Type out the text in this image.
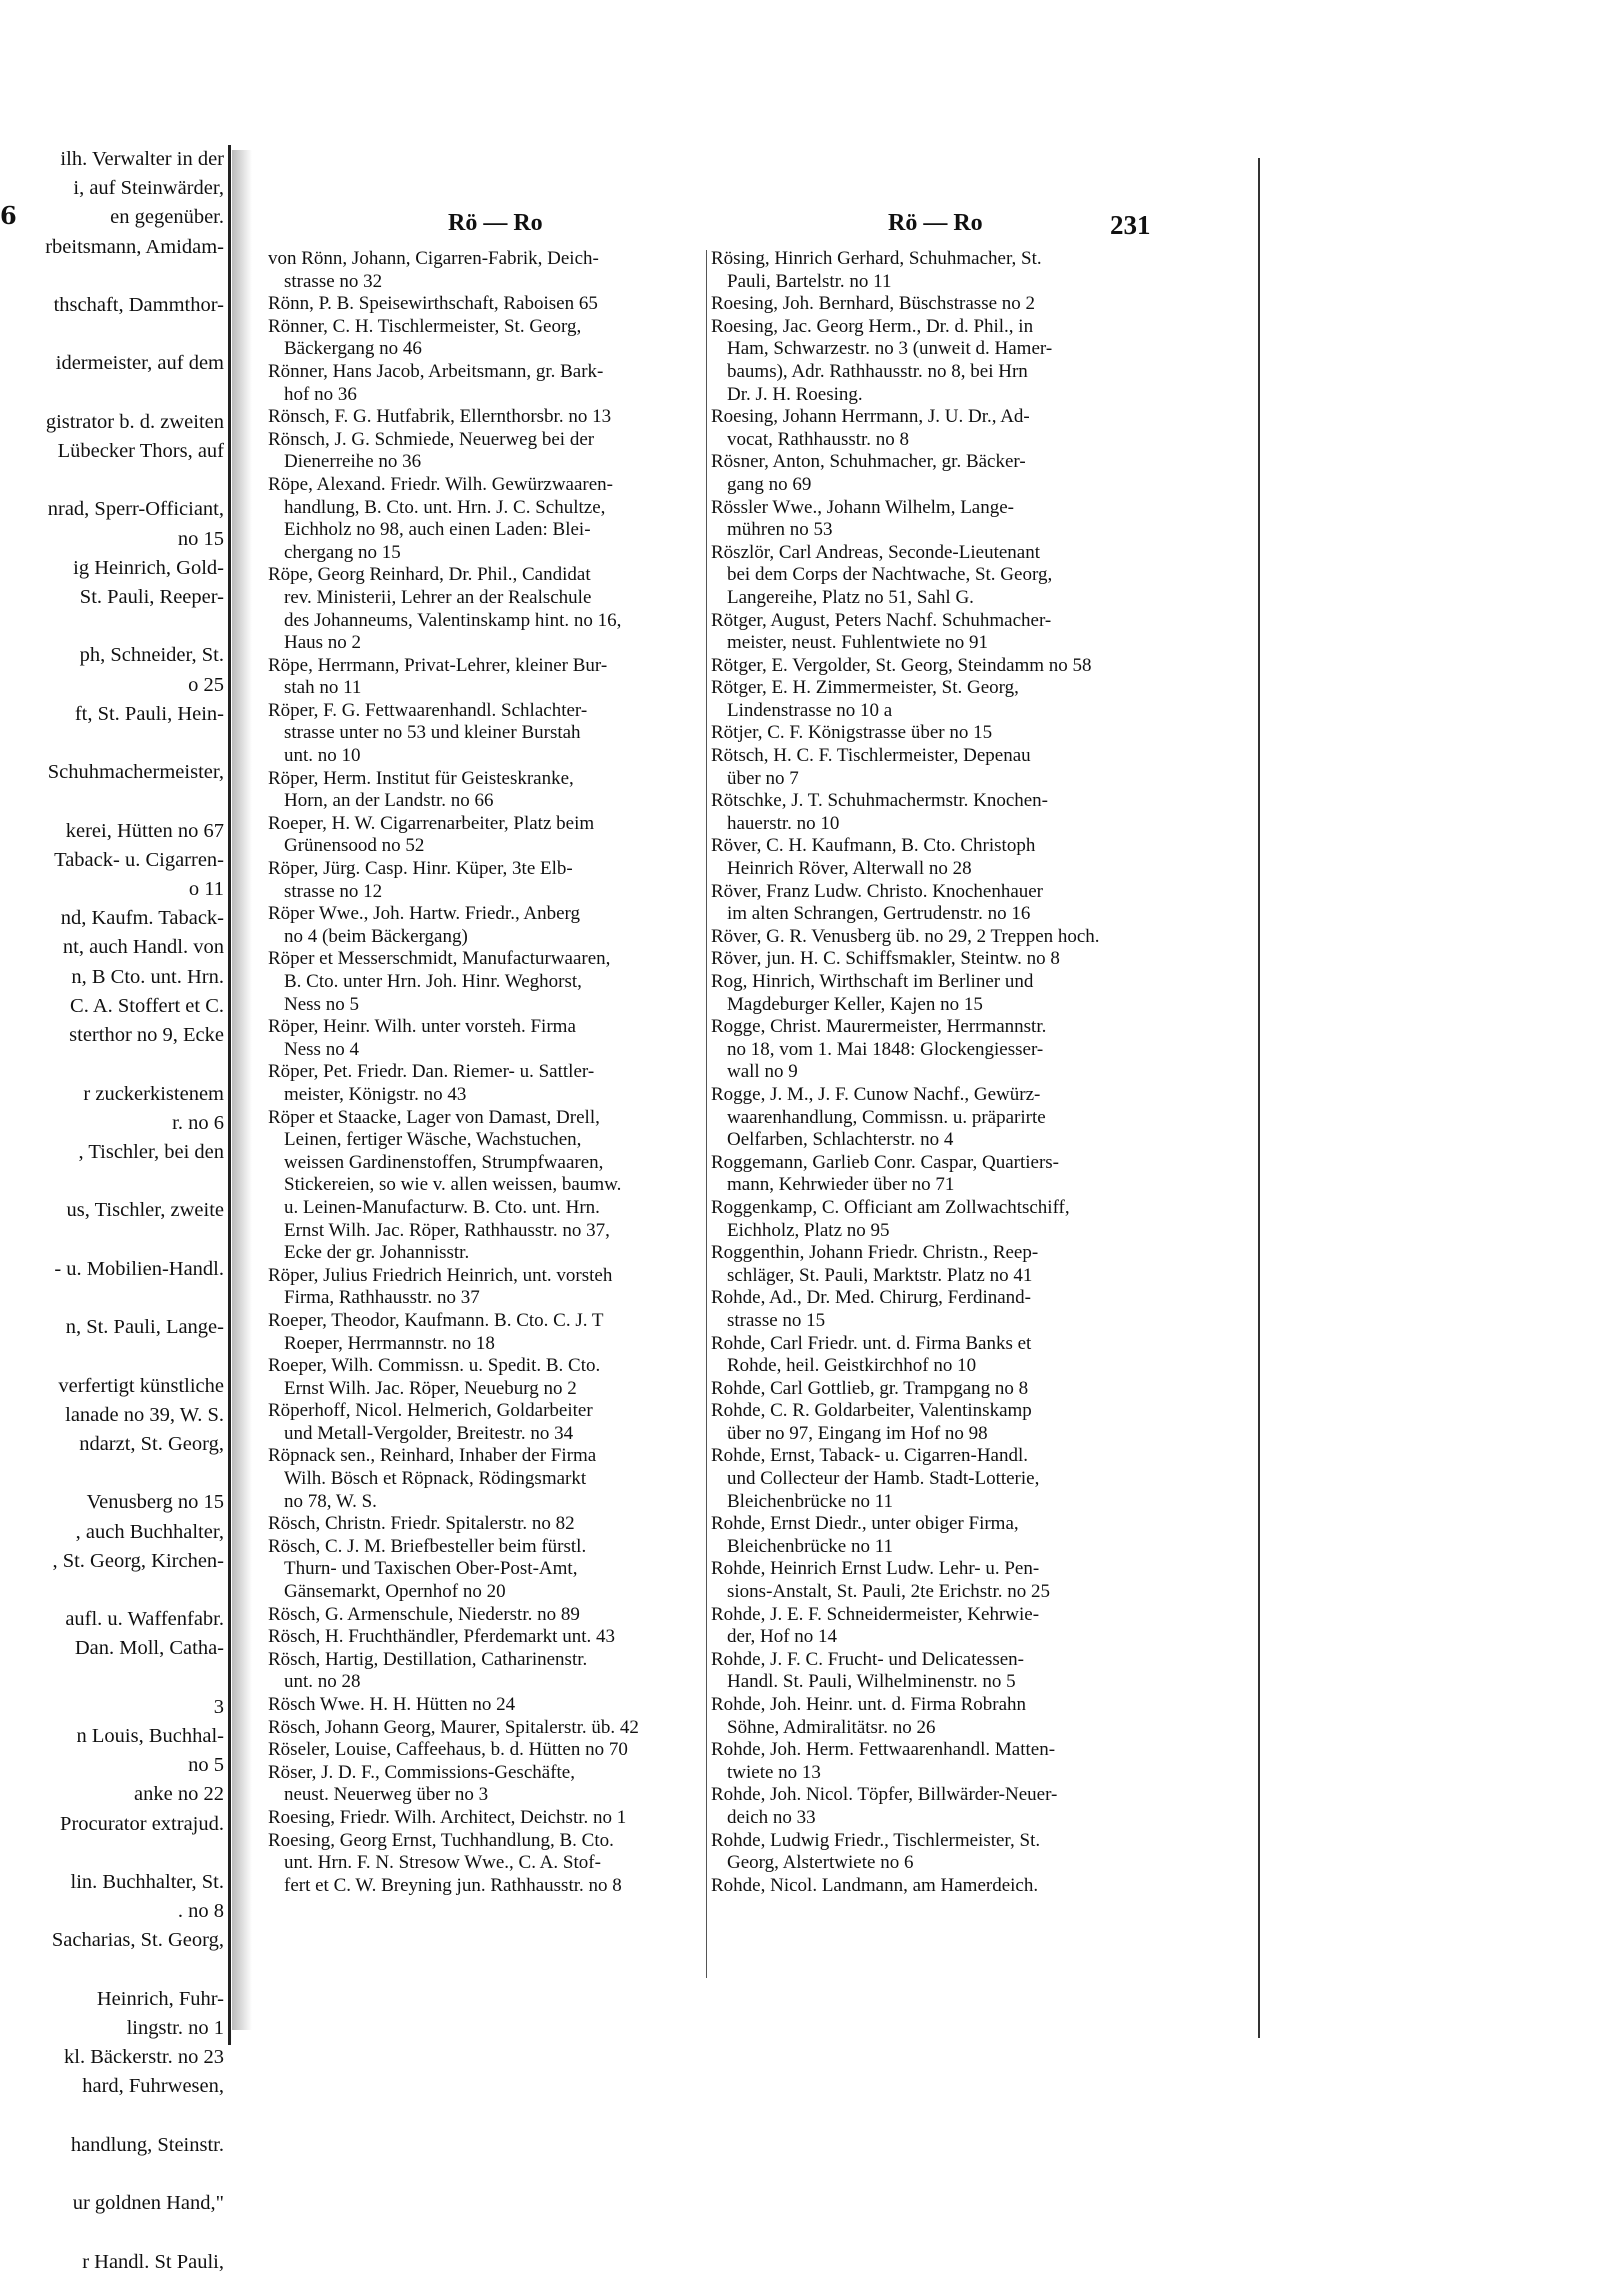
6
ilh. Verwalter in der
i, auf Steinwärder,
en gegenüber.
rbeitsmann, Amidam-

thschaft, Dammthor-

idermeister, auf dem

gistrator b. d. zweiten
Lübecker Thors, auf

nrad, Sperr-Officiant,
no 15
ig Heinrich, Gold-
St. Pauli, Reeper-

ph, Schneider, St.
o 25
ft, St. Pauli, Hein-

Schuhmachermeister,

kerei, Hütten no 67
Taback- u. Cigarren-
o 11
nd, Kaufm. Taback-
nt, auch Handl. von
n, B Cto. unt. Hrn.
C. A. Stoffert et C.
sterthor no 9, Ecke

r zuckerkistenem
r. no 6
, Tischler, bei den

us, Tischler, zweite

- u. Mobilien-Handl.

n, St. Pauli, Lange-

verfertigt künstliche
lanade no 39, W. S.
ndarzt, St. Georg,

Venusberg no 15
, auch Buchhalter,
, St. Georg, Kirchen-

aufl. u. Waffenfabr.
Dan. Moll, Catha-

3
n Louis, Buchhal-
no 5
anke no 22
Procurator extrajud.

lin. Buchhalter, St.
. no 8
Sacharias, St. Georg,

Heinrich, Fuhr-
lingstr. no 1
kl. Bäckerstr. no 23
hard, Fuhrwesen,

handlung, Steinstr.

ur goldnen Hand,"

r Handl. St Pauli,
Rö — Ro	Rö — Ro	231

von Rönn, Johann, Cigarren-Fabrik, Deich-
strasse no 32

Rönn, P. B. Speisewirthschaft, Raboisen 65

Rönner, C. H. Tischlermeister, St. Georg,
Bäckergang no 46

Rönner, Hans Jacob, Arbeitsmann, gr. Bark-
hof no 36

Rönsch, F. G. Hutfabrik, Ellernthorsbr. no 13

Rönsch, J. G. Schmiede, Neuerweg bei der
Dienerreihe no 36

Röpe, Alexand. Friedr. Wilh. Gewürzwaaren-
handlung, B. Cto. unt. Hrn. J. C. Schultze,
Eichholz no 98, auch einen Laden: Blei-
chergang no 15

Röpe, Georg Reinhard, Dr. Phil., Candidat
rev. Ministerii, Lehrer an der Realschule
des Johanneums, Valentinskamp hint. no 16,
Haus no 2

Röpe, Herrmann, Privat-Lehrer, kleiner Bur-
stah no 11

Röper, F. G. Fettwaarenhandl. Schlachter-
strasse unter no 53 und kleiner Burstah
unt. no 10

Röper, Herm. Institut für Geisteskranke,
Horn, an der Landstr. no 66

Roeper, H. W. Cigarrenarbeiter, Platz beim
Grünensood no 52

Röper, Jürg. Casp. Hinr. Küper, 3te Elb-
strasse no 12

Röper Wwe., Joh. Hartw. Friedr., Anberg
no 4 (beim Bäckergang)

Röper et Messerschmidt, Manufacturwaaren,
B. Cto. unter Hrn. Joh. Hinr. Weghorst,
Ness no 5

Röper, Heinr. Wilh. unter vorsteh. Firma
Ness no 4

Röper, Pet. Friedr. Dan. Riemer- u. Sattler-
meister, Königstr. no 43

Röper et Staacke, Lager von Damast, Drell,
Leinen, fertiger Wäsche, Wachstuchen,
weissen Gardinenstoffen, Strumpfwaaren,
Stickereien, so wie v. allen weissen, baumw.
u. Leinen-Manufacturw. B. Cto. unt. Hrn.
Ernst Wilh. Jac. Röper, Rathhausstr. no 37,
Ecke der gr. Johannisstr.

Röper, Julius Friedrich Heinrich, unt. vorsteh
Firma, Rathhausstr. no 37

Roeper, Theodor, Kaufmann. B. Cto. C. J. T
Roeper, Herrmannstr. no 18

Roeper, Wilh. Commissn. u. Spedit. B. Cto.
Ernst Wilh. Jac. Röper, Neueburg no 2

Röperhoff, Nicol. Helmerich, Goldarbeiter
und Metall-Vergolder, Breitestr. no 34

Röpnack sen., Reinhard, Inhaber der Firma
Wilh. Bösch et Röpnack, Rödingsmarkt
no 78, W. S.

Rösch, Christn. Friedr. Spitalerstr. no 82

Rösch, C. J. M. Briefbesteller beim fürstl.
Thurn- und Taxischen Ober-Post-Amt,
Gänsemarkt, Opernhof no 20

Rösch, G. Armenschule, Niederstr. no 89

Rösch, H. Fruchthändler, Pferdemarkt unt. 43

Rösch, Hartig, Destillation, Catharinenstr.
unt. no 28

Rösch Wwe. H. H. Hütten no 24

Rösch, Johann Georg, Maurer, Spitalerstr. üb. 42

Röseler, Louise, Caffeehaus, b. d. Hütten no 70

Röser, J. D. F., Commissions-Geschäfte,
neust. Neuerweg über no 3

Roesing, Friedr. Wilh. Architect, Deichstr. no 1

Roesing, Georg Ernst, Tuchhandlung, B. Cto.
unt. Hrn. F. N. Stresow Wwe., C. A. Stof-
fert et C. W. Breyning jun. Rathhausstr. no 8

Rösing, Hinrich Gerhard, Schuhmacher, St.
Pauli, Bartelstr. no 11

Roesing, Joh. Bernhard, Büschstrasse no 2

Roesing, Jac. Georg Herm., Dr. d. Phil., in
Ham, Schwarzestr. no 3 (unweit d. Hamer-
baums), Adr. Rathhausstr. no 8, bei Hrn
Dr. J. H. Roesing.

Roesing, Johann Herrmann, J. U. Dr., Ad-
vocat, Rathhausstr. no 8

Rösner, Anton, Schuhmacher, gr. Bäcker-
gang no 69

Rössler Wwe., Johann Wilhelm, Lange-
mühren no 53

Röszlör, Carl Andreas, Seconde-Lieutenant
bei dem Corps der Nachtwache, St. Georg,
Langereihe, Platz no 51, Sahl G.

Rötger, August, Peters Nachf. Schuhmacher-
meister, neust. Fuhlentwiete no 91

Rötger, E. Vergolder, St. Georg, Steindamm no 58

Rötger, E. H. Zimmermeister, St. Georg,
Lindenstrasse no 10 a

Rötjer, C. F. Königstrasse über no 15

Rötsch, H. C. F. Tischlermeister, Depenau
über no 7

Rötschke, J. T. Schuhmachermstr. Knochen-
hauerstr. no 10

Röver, C. H. Kaufmann, B. Cto. Christoph
Heinrich Röver, Alterwall no 28

Röver, Franz Ludw. Christo. Knochenhauer
im alten Schrangen, Gertrudenstr. no 16

Röver, G. R. Venusberg üb. no 29, 2 Treppen hoch.

Röver, jun. H. C. Schiffsmakler, Steintw. no 8

Rog, Hinrich, Wirthschaft im Berliner und
Magdeburger Keller, Kajen no 15

Rogge, Christ. Maurermeister, Herrmannstr.
no 18, vom 1. Mai 1848: Glockengiesser-
wall no 9

Rogge, J. M., J. F. Cunow Nachf., Gewürz-
waarenhandlung, Commissn. u. präparirte
Oelfarben, Schlachterstr. no 4

Roggemann, Garlieb Conr. Caspar, Quartiers-
mann, Kehrwieder über no 71

Roggenkamp, C. Officiant am Zollwachtschiff,
Eichholz, Platz no 95

Roggenthin, Johann Friedr. Christn., Reep-
schläger, St. Pauli, Marktstr. Platz no 41

Rohde, Ad., Dr. Med. Chirurg, Ferdinand-
strasse no 15

Rohde, Carl Friedr. unt. d. Firma Banks et
Rohde, heil. Geistkirchhof no 10

Rohde, Carl Gottlieb, gr. Trampgang no 8

Rohde, C. R. Goldarbeiter, Valentinskamp
über no 97, Eingang im Hof no 98

Rohde, Ernst, Taback- u. Cigarren-Handl.
und Collecteur der Hamb. Stadt-Lotterie,
Bleichenbrücke no 11

Rohde, Ernst Diedr., unter obiger Firma,
Bleichenbrücke no 11

Rohde, Heinrich Ernst Ludw. Lehr- u. Pen-
sions-Anstalt, St. Pauli, 2te Erichstr. no 25

Rohde, J. E. F. Schneidermeister, Kehrwie-
der, Hof no 14

Rohde, J. F. C. Frucht- und Delicatessen-
Handl. St. Pauli, Wilhelminenstr. no 5

Rohde, Joh. Heinr. unt. d. Firma Robrahn
Söhne, Admiralitätsr. no 26

Rohde, Joh. Herm. Fettwaarenhandl. Matten-
twiete no 13

Rohde, Joh. Nicol. Töpfer, Billwärder-Neuer-
deich no 33

Rohde, Ludwig Friedr., Tischlermeister, St.
Georg, Alstertwiete no 6

Rohde, Nicol. Landmann, am Hamerdeich.
